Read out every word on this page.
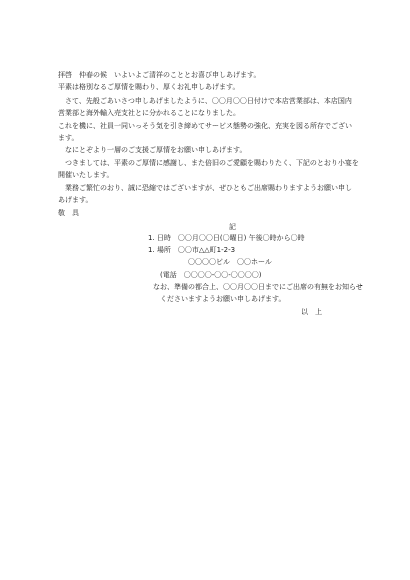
拝啓　仲春の候　いよいよご清祥のこととお喜び申しあげます。
平素は格別なるご厚情を賜わり、厚くお礼申しあげます。
　さて、先般ごあいさつ申しあげましたように、〇〇月〇〇日付けで本店営業部は、本店国内
営業部と海外輸入売支社とに分かれることになりました。
これを機に、社員一同いっそう気を引き締めてサービス態勢の強化、充実を図る所存でござい
ます。
　なにとぞより一層のご支援ご厚情をお願い申しあげます。
　つきましては、平素のご厚情に感謝し、また倍旧のご愛顧を賜わりたく、下記のとおり小宴を
開催いたします。
　業務ご繁忙のおり、誠に恐縮ではございますが、ぜひともご出席賜わりますようお願い申し
あげます。
敬　具
記
1. 日時　〇〇月〇〇日(〇曜日) 午後〇時から〇時
1. 場所　〇〇市△△町1-2-3
〇〇〇〇ビル　〇〇ホール
(電話　〇〇〇〇-〇〇-〇〇〇〇)
なお、準備の都合上、〇〇月〇〇日までにご出席の有無をお知らせ
くださいますようお願い申しあげます。
以　上
